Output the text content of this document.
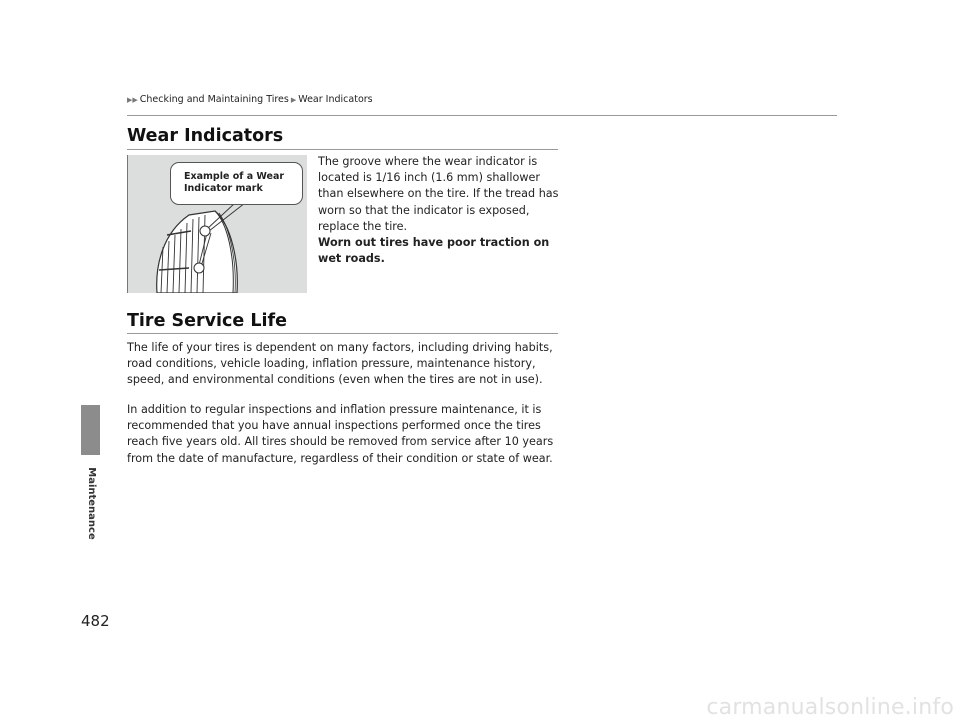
▶▶ Checking and Maintaining Tires ▶ Wear Indicators
Maintenance
Wear Indicators
Example of a Wear Indicator mark

The groove where the wear indicator is located is 1/16 inch (1.6 mm) shallower than elsewhere on the tire. If the tread has worn so that the indicator is exposed, replace the tire.
Worn out tires have poor traction on wet roads.

Tire Service Life

The life of your tires is dependent on many factors, including driving habits, road conditions, vehicle loading, inflation pressure, maintenance history, speed, and environmental conditions (even when the tires are not in use).

In addition to regular inspections and inflation pressure maintenance, it is recommended that you have annual inspections performed once the tires reach five years old. All tires should be removed from service after 10 years from the date of manufacture, regardless of their condition or state of wear.

482
carmanualsonline.info
